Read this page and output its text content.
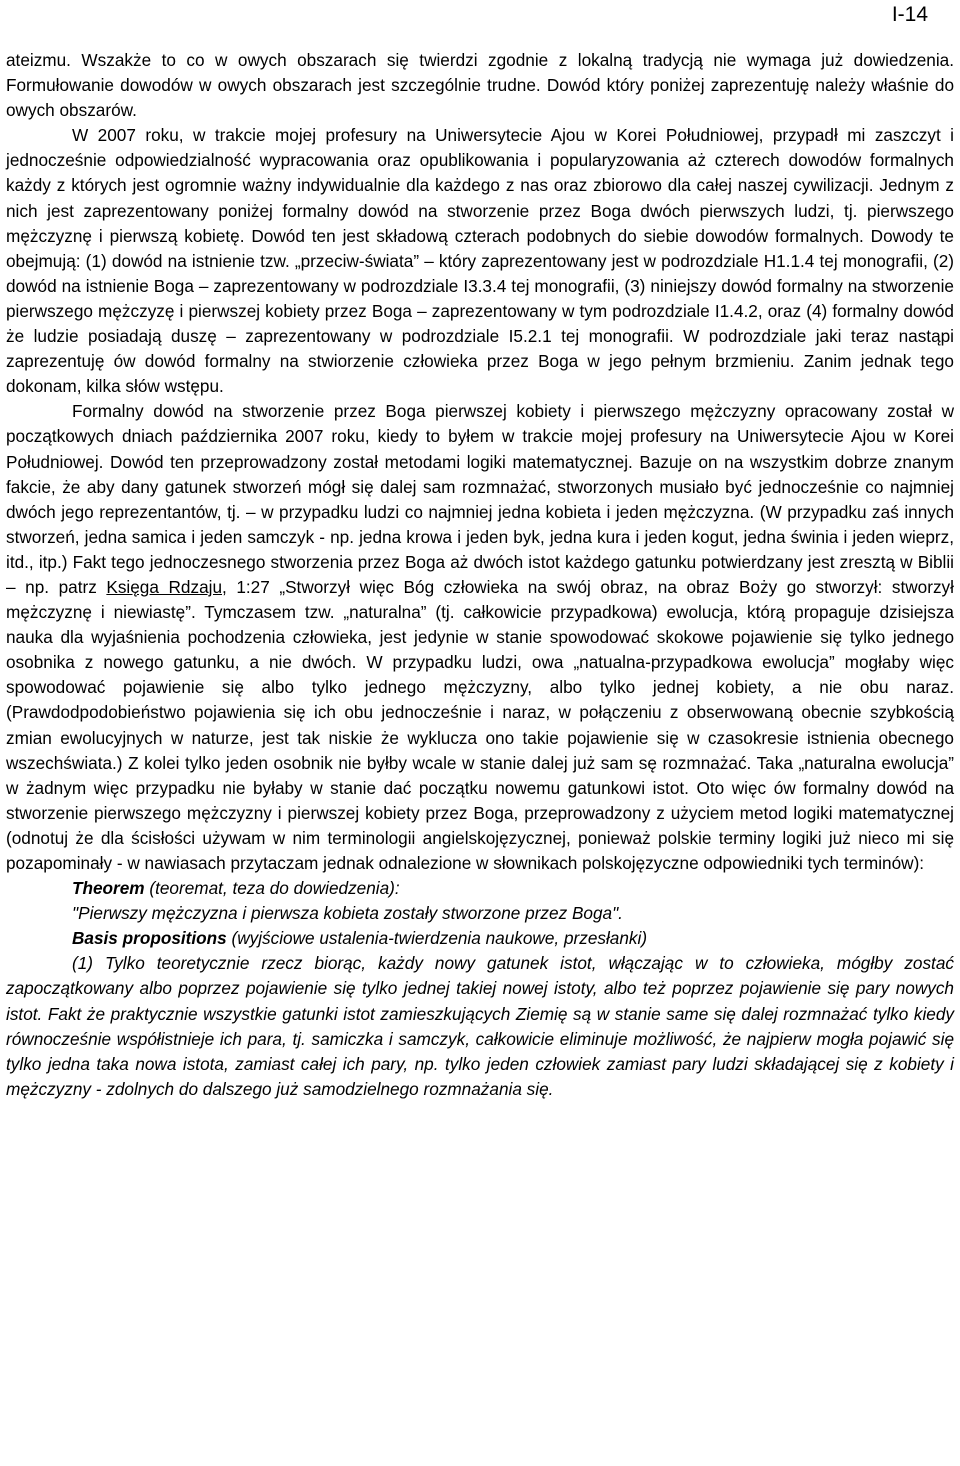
I-14

ateizmu. Wszakże to co w owych obszarach się twierdzi zgodnie z lokalną tradycją nie wymaga już dowiedzenia. Formułowanie dowodów w owych obszarach jest szczególnie trudne. Dowód który poniżej zaprezentuję należy właśnie do owych obszarów.

W 2007 roku, w trakcie mojej profesury na Uniwersytecie Ajou w Korei Południowej, przypadł mi zaszczyt i jednocześnie odpowiedzialność wypracowania oraz opublikowania i popularyzowania aż czterech dowodów formalnych każdy z których jest ogromnie ważny indywidualnie dla każdego z nas oraz zbiorowo dla całej naszej cywilizacji. Jednym z nich jest zaprezentowany poniżej formalny dowód na stworzenie przez Boga dwóch pierwszych ludzi, tj. pierwszego mężczyznę i pierwszą kobietę. Dowód ten jest składową czterach podobnych do siebie dowodów formalnych. Dowody te obejmują: (1) dowód na istnienie tzw. „przeciw-świata” – który zaprezentowany jest w podrozdziale H1.1.4 tej monografii, (2) dowód na istnienie Boga – zaprezentowany w podrozdziale I3.3.4 tej monografii, (3) niniejszy dowód formalny na stworzenie pierwszego mężczyzę i pierwszej kobiety przez Boga – zaprezentowany w tym podrozdziale I1.4.2, oraz (4) formalny dowód że ludzie posiadają duszę – zaprezentowany w podrozdziale I5.2.1 tej monografii. W podrozdziale jaki teraz nastąpi zaprezentuję ów dowód formalny na stwiorzenie człowieka przez Boga w jego pełnym brzmieniu. Zanim jednak tego dokonam, kilka słów wstępu.

Formalny dowód na stworzenie przez Boga pierwszej kobiety i pierwszego mężczyzny opracowany został w początkowych dniach października 2007 roku, kiedy to byłem w trakcie mojej profesury na Uniwersytecie Ajou w Korei Południowej. Dowód ten przeprowadzony został metodami logiki matematycznej. Bazuje on na wszystkim dobrze znanym fakcie, że aby dany gatunek stworzeń mógł się dalej sam rozmnażać, stworzonych musiało być jednocześnie co najmniej dwóch jego reprezentantów, tj. – w przypadku ludzi co najmniej jedna kobieta i jeden mężczyzna. (W przypadku zaś innych stworzeń, jedna samica i jeden samczyk - np. jedna krowa i jeden byk, jedna kura i jeden kogut, jedna świnia i jeden wieprz, itd., itp.) Fakt tego jednoczesnego stworzenia przez Boga aż dwóch istot każdego gatunku potwierdzany jest zresztą w Biblii – np. patrz Księga Rdzaju, 1:27 „Stworzył więc Bóg człowieka na swój obraz, na obraz Boży go stworzył: stworzył mężczyznę i niewiastę”. Tymczasem tzw. „naturalna” (tj. całkowicie przypadkowa) ewolucja, którą propaguje dzisiejsza nauka dla wyjaśnienia pochodzenia człowieka, jest jedynie w stanie spowodować skokowe pojawienie się tylko jednego osobnika z nowego gatunku, a nie dwóch. W przypadku ludzi, owa „natualna-przypadkowa ewolucja” mogłaby więc spowodować pojawienie się albo tylko jednego mężczyzny, albo tylko jednej kobiety, a nie obu naraz. (Prawdodpodobieństwo pojawienia się ich obu jednocześnie i naraz, w połączeniu z obserwowaną obecnie szybkością zmian ewolucyjnych w naturze, jest tak niskie że wyklucza ono takie pojawienie się w czasokresie istnienia obecnego wszechświata.) Z kolei tylko jeden osobnik nie byłby wcale w stanie dalej już sam sę rozmnażać. Taka „naturalna ewolucja” w żadnym więc przypadku nie byłaby w stanie dać początku nowemu gatunkowi istot. Oto więc ów formalny dowód na stworzenie pierwszego mężczyzny i pierwszej kobiety przez Boga, przeprowadzony z użyciem metod logiki matematycznej (odnotuj że dla ścisłości używam w nim terminologii angielskojęzycznej, ponieważ polskie terminy logiki już nieco mi się pozapominały - w nawiasach przytaczam jednak odnalezione w słownikach polskojęzyczne odpowiedniki tych terminów):

Theorem (teoremat, teza do dowiedzenia):

"Pierwszy mężczyzna i pierwsza kobieta zostały stworzone przez Boga".

Basis propositions (wyjściowe ustalenia-twierdzenia naukowe, przesłanki)

(1) Tylko teoretycznie rzecz biorąc, każdy nowy gatunek istot, włączając w to człowieka, mógłby zostać zapoczątkowany albo poprzez pojawienie się tylko jednej takiej nowej istoty, albo też poprzez pojawienie się pary nowych istot. Fakt że praktycznie wszystkie gatunki istot zamieszkujących Ziemię są w stanie same się dalej rozmnażać tylko kiedy równocześnie współistnieje ich para, tj. samiczka i samczyk, całkowicie eliminuje możliwość, że najpierw mogła pojawić się tylko jedna taka nowa istota, zamiast całej ich pary, np. tylko jeden człowiek zamiast pary ludzi składającej się z kobiety i mężczyzny - zdolnych do dalszego już samodzielnego rozmnażania się.
